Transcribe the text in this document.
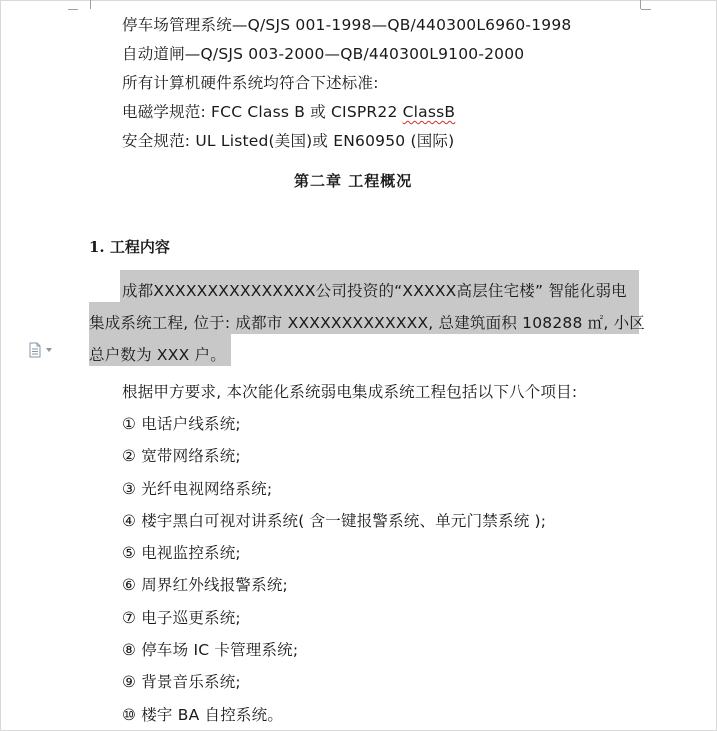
停车场管理系统—Q/SJS 001-1998—QB/440300L6960-1998
自动道闸—Q/SJS 003-2000—QB/440300L9100-2000
所有计算机硬件系统均符合下述标准:
电磁学规范: FCC Class B 或 CISPR22 ClassB
安全规范: UL Listed(美国)或 EN60950 (国际)
第二章 工程概况
1. 工程内容
成都XXXXXXXXXXXXXXX公司投资的“XXXXX高层住宅楼” 智能化弱电
集成系统工程, 位于: 成都市 XXXXXXXXXXXXX, 总建筑面积 108288 ㎡, 小区
总户数为 XXX 户。
根据甲方要求, 本次能化系统弱电集成系统工程包括以下八个项目:
① 电话户线系统;
② 宽带网络系统;
③ 光纤电视网络系统;
④ 楼宇黑白可视对讲系统( 含一键报警系统、单元门禁系统 );
⑤ 电视监控系统;
⑥ 周界红外线报警系统;
⑦ 电子巡更系统;
⑧ 停车场 IC 卡管理系统;
⑨ 背景音乐系统;
⑩ 楼宇 BA 自控系统。
